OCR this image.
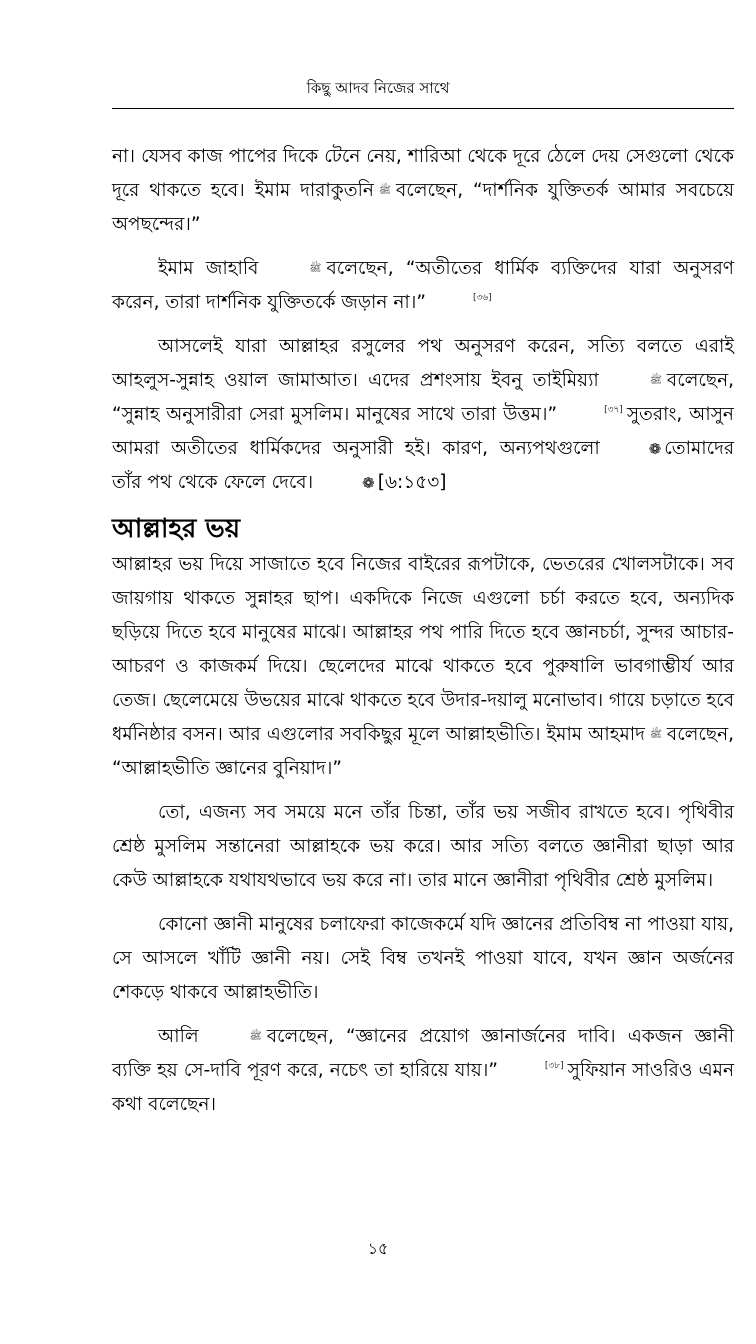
কিছু আদব নিজের সাথে

না। যেসব কাজ পাপের দিকে টেনে নেয়, শারিআ থেকে দূরে ঠেলে দেয় সেগুলো থেকে দূরে থাকতে হবে। ইমাম দারাকুতনি ﷺ বলেছেন, “দার্শনিক যুক্তিতর্ক আমার সবচেয়ে অপছন্দের।”

ইমাম জাহাবি	ﷺ বলেছেন, “অতীতের ধার্মিক ব্যক্তিদের যারা অনুসরণ করেন, তারা দার্শনিক যুক্তিতর্কে জড়ান না।”	[৩৬]

আসলেই যারা আল্লাহর রসুলের পথ অনুসরণ করেন, সত্যি বলতে এরাই আহলুস-সুন্নাহ ওয়াল জামাআত। এদের প্রশংসায় ইবনু তাইমিয়্যা	ﷺ বলেছেন, “সুন্নাহ অনুসারীরা সেরা মুসলিম। মানুষের সাথে তারা উত্তম।”	[৩৭] সুতরাং, আসুন আমরা অতীতের ধার্মিকদের অনুসারী হই। কারণ, অন্যপথগুলো	❁ তোমাদের তাঁর পথ থেকে ফেলে দেবে।	❁ [৬:১৫৩]

আল্লাহর ভয়

আল্লাহর ভয় দিয়ে সাজাতে হবে নিজের বাইরের রূপটাকে, ভেতরের খোলসটাকে। সব জায়গায় থাকতে সুন্নাহর ছাপ। একদিকে নিজে এগুলো চর্চা করতে হবে, অন্যদিক ছড়িয়ে দিতে হবে মানুষের মাঝে। আল্লাহর পথ পারি দিতে হবে জ্ঞানচর্চা, সুন্দর আচার-আচরণ ও কাজকর্ম দিয়ে। ছেলেদের মাঝে থাকতে হবে পুরুষালি ভাবগাম্ভীর্য আর তেজ। ছেলেমেয়ে উভয়ের মাঝে থাকতে হবে উদার-দয়ালু মনোভাব। গায়ে চড়াতে হবে ধর্মনিষ্ঠার বসন। আর এগুলোর সবকিছুর মূলে আল্লাহভীতি। ইমাম আহমাদ ﷺ বলেছেন, “আল্লাহভীতি জ্ঞানের বুনিয়াদ।”

তো, এজন্য সব সময়ে মনে তাঁর চিন্তা, তাঁর ভয় সজীব রাখতে হবে। পৃথিবীর শ্রেষ্ঠ মুসলিম সন্তানেরা আল্লাহকে ভয় করে। আর সত্যি বলতে জ্ঞানীরা ছাড়া আর কেউ আল্লাহকে যথাযথভাবে ভয় করে না। তার মানে জ্ঞানীরা পৃথিবীর শ্রেষ্ঠ মুসলিম।

কোনো জ্ঞানী মানুষের চলাফেরা কাজেকর্মে যদি জ্ঞানের প্রতিবিম্ব না পাওয়া যায়, সে আসলে খাঁটি জ্ঞানী নয়। সেই বিম্ব তখনই পাওয়া যাবে, যখন জ্ঞান অর্জনের শেকড়ে থাকবে আল্লাহভীতি।

আলি	ﷺ বলেছেন, “জ্ঞানের প্রয়োগ জ্ঞানার্জনের দাবি। একজন জ্ঞানী ব্যক্তি হয় সে-দাবি পূরণ করে, নচেৎ তা হারিয়ে যায়।”	[৩৮] সুফিয়ান সাওরিও এমন কথা বলেছেন।

১৫
